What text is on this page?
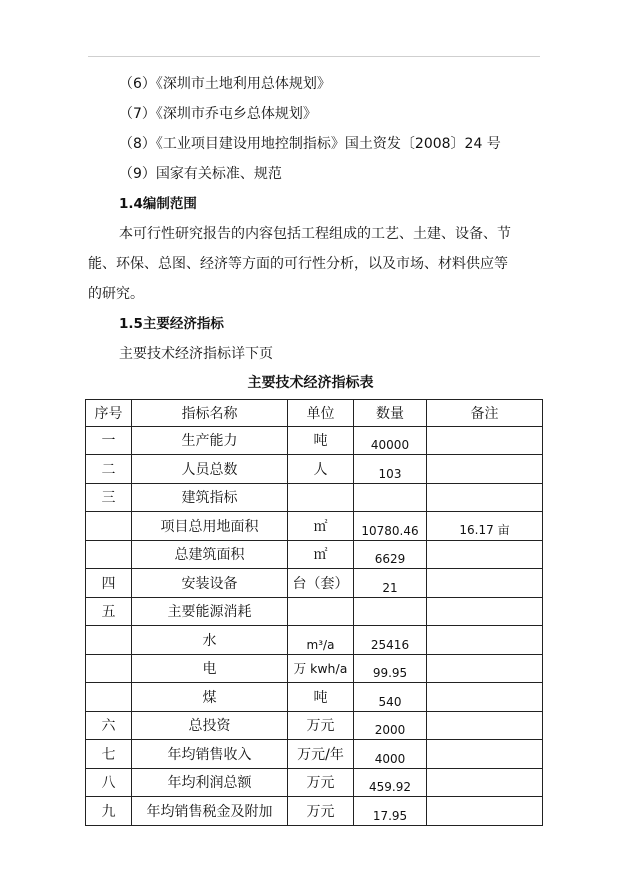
（6）《深圳市土地利用总体规划》
（7）《深圳市乔屯乡总体规划》
（8）《工业项目建设用地控制指标》国土资发〔2008〕24 号
（9）国家有关标准、规范
1.4编制范围
本可行性研究报告的内容包括工程组成的工艺、土建、设备、节
能、环保、总图、经济等方面的可行性分析，以及市场、材料供应等
的研究。
1.5主要经济指标
主要技术经济指标详下页
主要技术经济指标表
序号	指标名称	单位	数量	备注
一	生产能力	吨	40000	
二	人员总数	人	103	
三	建筑指标			
	项目总用地面积	㎡	10780.46	16.17 亩
	总建筑面积	㎡	6629	
四	安装设备	台（套）	21	
五	主要能源消耗			
	水	m³/a	25416	
	电	万 kwh/a	99.95	
	煤	吨	540	
六	总投资	万元	2000	
七	年均销售收入	万元/年	4000	
八	年均利润总额	万元	459.92	
九	年均销售税金及附加	万元	17.95	
